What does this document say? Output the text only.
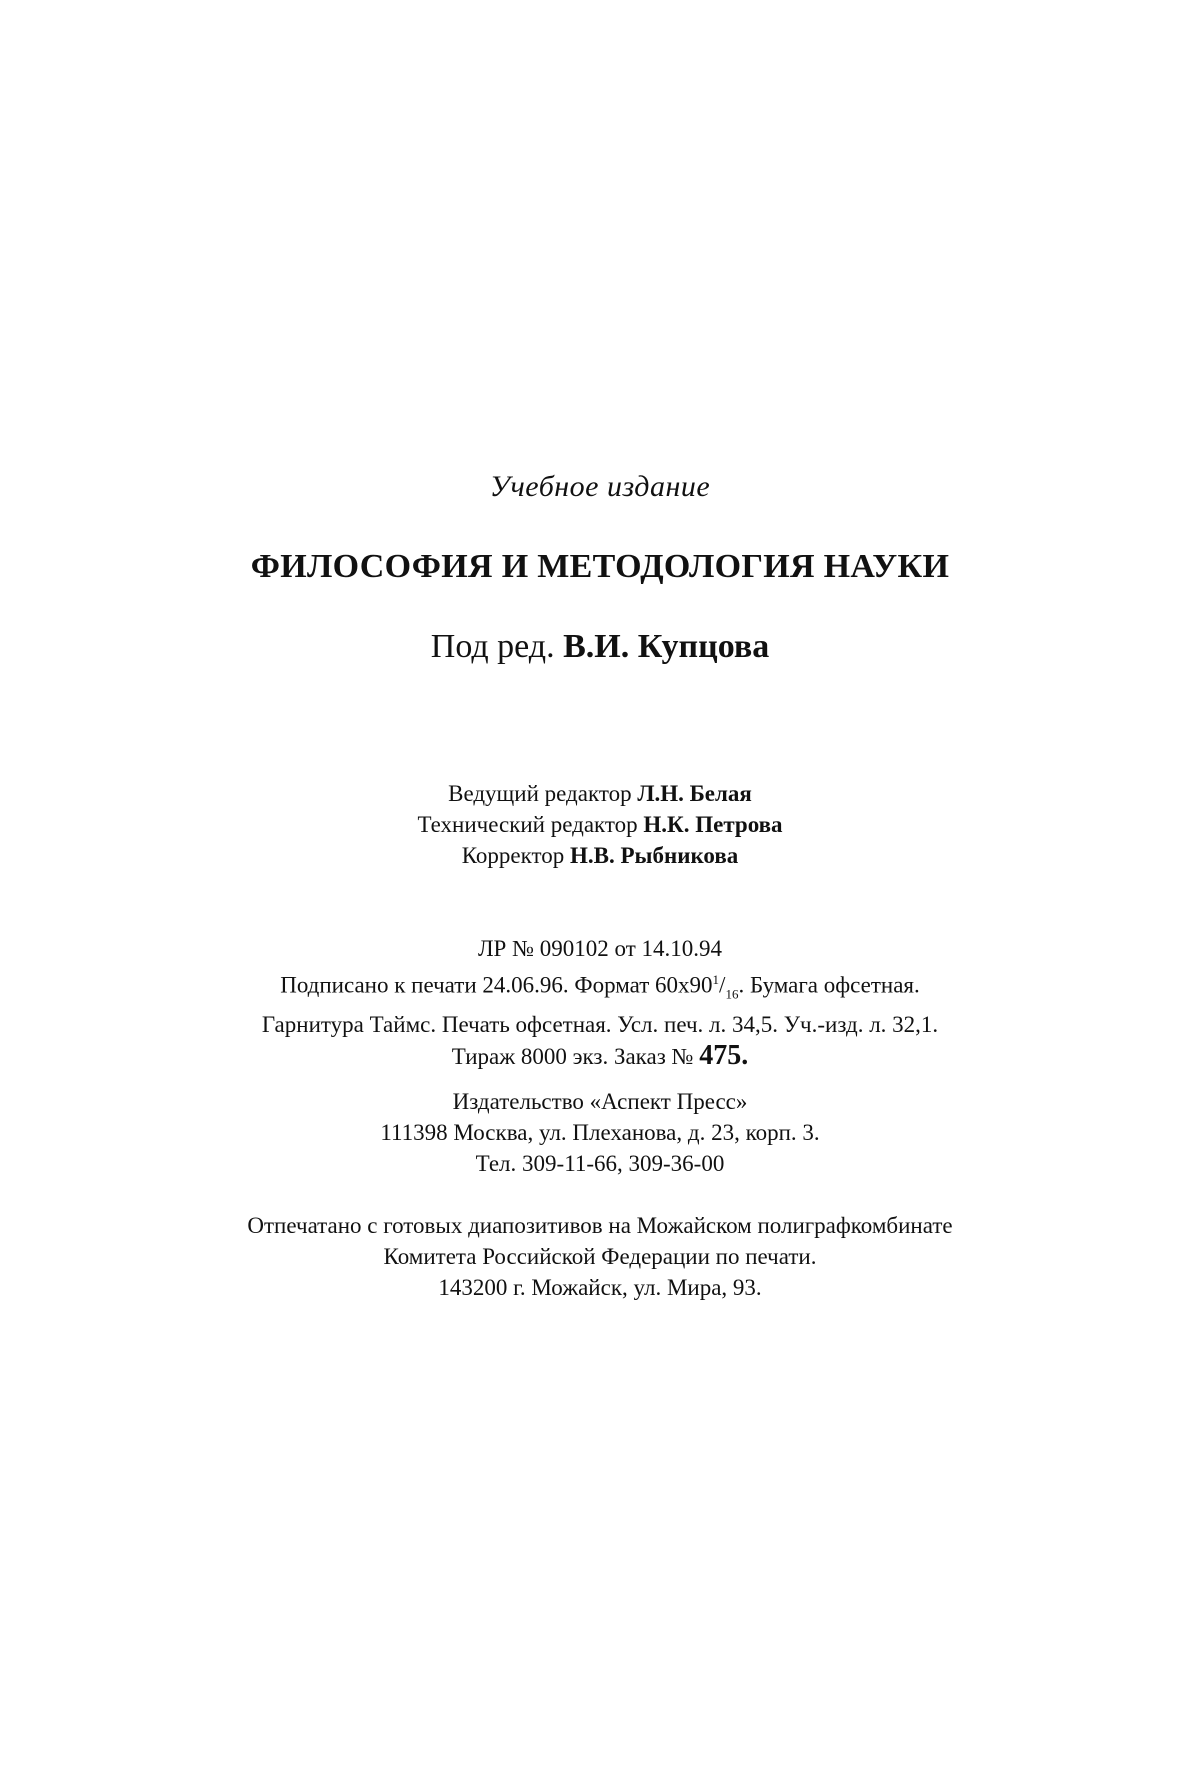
Учебное издание
ФИЛОСОФИЯ И МЕТОДОЛОГИЯ НАУКИ
Под ред. В.И. Купцова
Ведущий редактор Л.Н. Белая
Технический редактор Н.К. Петрова
Корректор Н.В. Рыбникова
ЛР № 090102 от 14.10.94
Подписано к печати 24.06.96. Формат $60х90^1/_{16}$. Бумага офсетная.
Гарнитура Таймс. Печать офсетная. Усл. печ. л. 34,5. Уч.-изд. л. 32,1.
Тираж 8000 экз. Заказ № 475.
Издательство «Аспект Пресс»
111398 Москва, ул. Плеханова, д. 23, корп. 3.
Тел. 309-11-66, 309-36-00
Отпечатано с готовых диапозитивов на Можайском полиграфкомбинате
Комитета Российской Федерации по печати.
143200 г. Можайск, ул. Мира, 93.
